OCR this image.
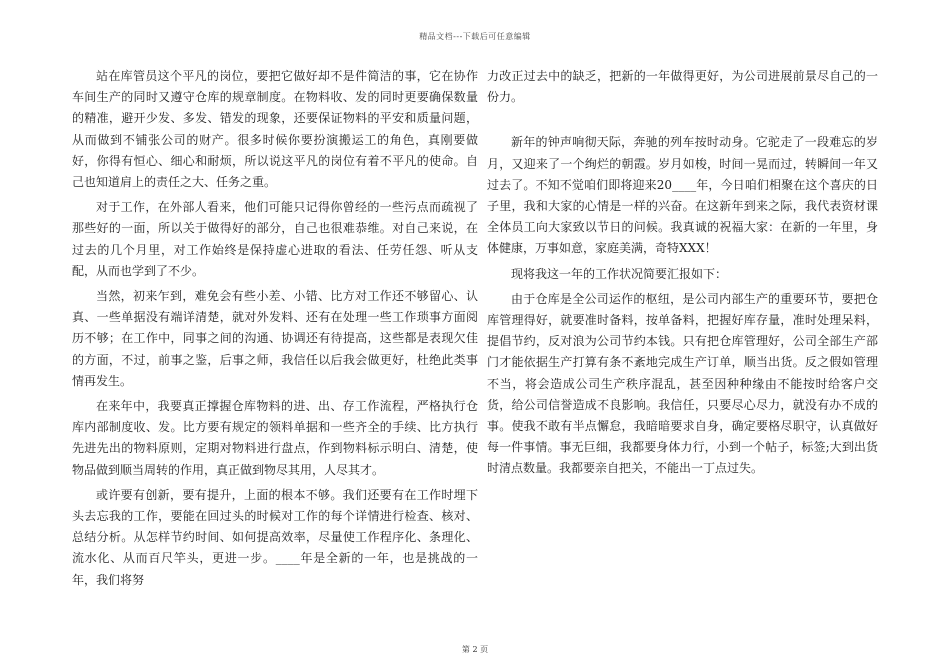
精品文档---下载后可任意编辑

站在库管员这个平凡的岗位，要把它做好却不是件简洁的事，它在协作车间生产的同时又遵守仓库的规章制度。在物料收、发的同时更要确保数量的精准，避开少发、多发、错发的现象，还要保证物料的平安和质量问题，从而做到不铺张公司的财产。很多时候你要扮演搬运工的角色，真刚要做好，你得有恒心、细心和耐烦，所以说这平凡的岗位有着不平凡的使命。自己也知道肩上的责任之大、任务之重。

对于工作，在外部人看来，他们可能只记得你曾经的一些污点而疏视了那些好的一面，所以关于做得好的部分，自己也很难恭维。对自己来说，在过去的几个月里，对工作始终是保持虚心进取的看法、任劳任怨、听从支配，从而也学到了不少。

当然，初来乍到，难免会有些小差、小错、比方对工作还不够留心、认真、一些单据没有端详清楚，就对外发料、还有在处理一些工作琐事方面阅历不够；在工作中，同事之间的沟通、协调还有待提高，这些都是表现欠佳的方面，不过，前事之鉴，后事之师，我信任以后我会做更好，杜绝此类事情再发生。

在来年中，我要真正撑握仓库物料的进、出、存工作流程，严格执行仓库内部制度收、发。比方要有规定的领料单据和一些齐全的手续、比方执行先进先出的物料原则，定期对物料进行盘点，作到物料标示明白、清楚，使物品做到顺当周转的作用，真正做到物尽其用，人尽其才。

或许要有创新，要有提升，上面的根本不够。我们还要有在工作时埋下头去忘我的工作，要能在回过头的时候对工作的每个详情进行检查、核对、总结分析。从怎样节约时间、如何提高效率，尽量使工作程序化、条理化、流水化、从而百尺竿头，更进一步。____年是全新的一年，也是挑战的一年，我们将努

力改正过去中的缺乏，把新的一年做得更好，为公司进展前景尽自己的一份力。

新年的钟声响彻天际，奔驰的列车按时动身。它驼走了一段难忘的岁月，又迎来了一个绚烂的朝霞。岁月如梭，时间一晃而过，转瞬间一年又过去了。不知不觉咱们即将迎来20____年，今日咱们相聚在这个喜庆的日子里，我和大家的心情是一样的兴奋。在这新年到来之际，我代表资材课全体员工向大家致以节日的问候。我真诚的祝福大家：在新的一年里，身体健康，万事如意，家庭美满，奇特XXX！

现将我这一年的工作状况简要汇报如下：

由于仓库是全公司运作的枢纽，是公司内部生产的重要环节，要把仓库管理得好，就要准时备料，按单备料，把握好库存量，准时处理呆料，提倡节约，反对浪为公司节约本钱。只有把仓库管理好，公司全部生产部门才能依据生产打算有条不紊地完成生产订单，顺当出货。反之假如管理不当，将会造成公司生产秩序混乱，甚至因种种缘由不能按时给客户交货，给公司信誉造成不良影响。我信任，只要尽心尽力，就没有办不成的事。使我不敢有半点懈怠，我暗暗要求自身，确定要格尽职守，认真做好每一件事情。事无巨细，我都要身体力行，小到一个帖子，标签;大到出货时清点数量。我都要亲自把关，不能出一丁点过失。

第 2 页
